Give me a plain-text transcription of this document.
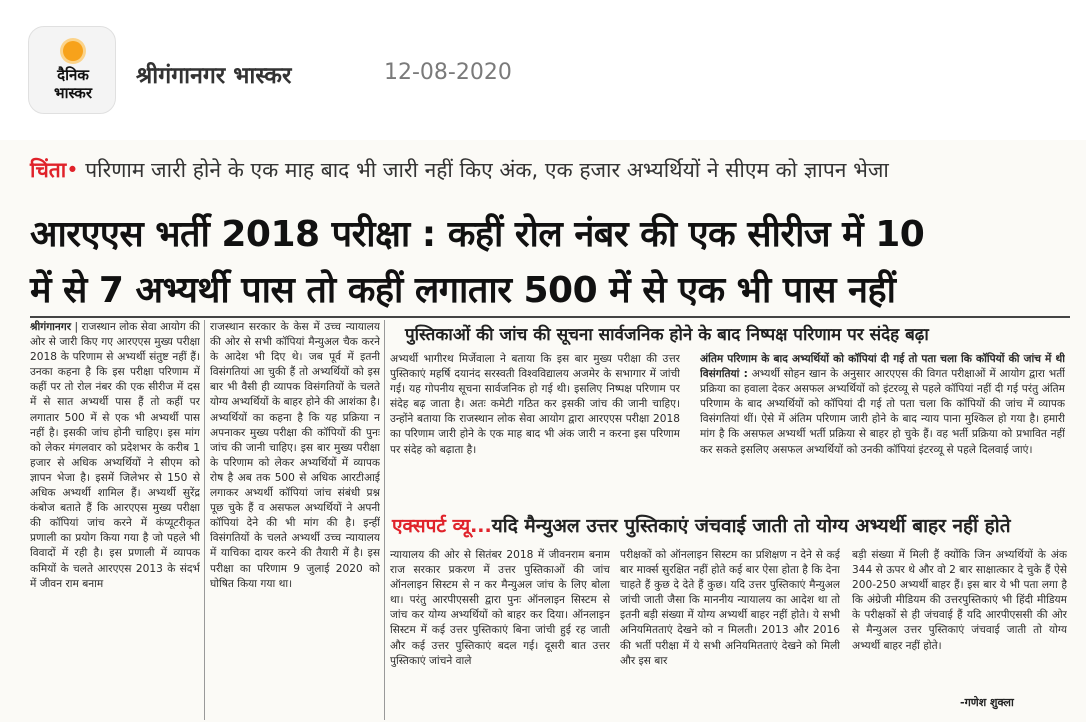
दैनिक
भास्कर
श्रीगंगानगर भास्कर	12-08-2020
चिंता• परिणाम जारी होने के एक माह बाद भी जारी नहीं किए अंक, एक हजार अभ्यर्थियों ने सीएम को ज्ञापन भेजा
आरएएस भर्ती 2018 परीक्षा : कहीं रोल नंबर की एक सीरीज में 10
में से 7 अभ्यर्थी पास तो कहीं लगातार 500 में से एक भी पास नहीं
श्रीगंगानगर | राजस्थान लोक सेवा आयोग की ओर से जारी किए गए आरएएस मुख्य परीक्षा 2018 के परिणाम से अभ्यर्थी संतुष्ट नहीं हैं। उनका कहना है कि इस परीक्षा परिणाम में कहीं पर तो रोल नंबर की एक सीरीज में दस में से सात अभ्यर्थी पास हैं तो कहीं पर लगातार 500 में से एक भी अभ्यर्थी पास नहीं है। इसकी जांच होनी चाहिए। इस मांग को लेकर मंगलवार को प्रदेशभर के करीब 1 हजार से अधिक अभ्यर्थियों ने सीएम को ज्ञापन भेजा है। इसमें जिलेभर से 150 से अधिक अभ्यर्थी शामिल हैं। अभ्यर्थी सुरेंद्र कंबोज बताते हैं कि आरएएस मुख्य परीक्षा की कॉपियां जांच करने में कंप्यूटरीकृत प्रणाली का प्रयोग किया गया है जो पहले भी विवादों में रही है। इस प्रणाली में व्यापक कमियों के चलते आरएएस 2013 के संदर्भ में जीवन राम बनाम
राजस्थान सरकार के केस में उच्च न्यायालय की ओर से सभी कॉपियां मैन्युअल चैक करने के आदेश भी दिए थे। जब पूर्व में इतनी विसंगतियां आ चुकी हैं तो अभ्यर्थियों को इस बार भी वैसी ही व्यापक विसंगतियों के चलते योग्य अभ्यर्थियों के बाहर होने की आशंका है। अभ्यर्थियों का कहना है कि यह प्रक्रिया न अपनाकर मुख्य परीक्षा की कॉपियों की पुनः जांच की जानी चाहिए। इस बार मुख्य परीक्षा के परिणाम को लेकर अभ्यर्थियों में व्यापक रोष है अब तक 500 से अधिक आरटीआई लगाकर अभ्यर्थी कॉपियां जांच संबंधी प्रश्न पूछ चुके हैं व असफल अभ्यर्थियों ने अपनी कॉपियां देने की भी मांग की है। इन्हीं विसंगतियों के चलते अभ्यर्थी उच्च न्यायालय में याचिका दायर करने की तैयारी में है। इस परीक्षा का परिणाम 9 जुलाई 2020 को घोषित किया गया था।
पुस्तिकाओं की जांच की सूचना सार्वजनिक होने के बाद निष्पक्ष परिणाम पर संदेह बढ़ा
अभ्यर्थी भागीरथ मिर्जेवाला ने बताया कि इस बार मुख्य परीक्षा की उत्तर पुस्तिकाएं महर्षि दयानंद सरस्वती विश्वविद्यालय अजमेर के सभागार में जांची गई। यह गोपनीय सूचना सार्वजनिक हो गई थी। इसलिए निष्पक्ष परिणाम पर संदेह बढ़ जाता है। अतः कमेटी गठित कर इसकी जांच की जानी चाहिए। उन्होंने बताया कि राजस्थान लोक सेवा आयोग द्वारा आरएएस परीक्षा 2018 का परिणाम जारी होने के एक माह बाद भी अंक जारी न करना इस परिणाम पर संदेह को बढ़ाता है।
अंतिम परिणाम के बाद अभ्यर्थियों को कॉपियां दी गई तो पता चला कि कॉपियों की जांच में थी विसंगतियां : अभ्यर्थी सोहन खान के अनुसार आरएएस की विगत परीक्षाओं में आयोग द्वारा भर्ती प्रक्रिया का हवाला देकर असफल अभ्यर्थियों को इंटरव्यू से पहले कॉपियां नहीं दी गई परंतु अंतिम परिणाम के बाद अभ्यर्थियों को कॉपियां दी गई तो पता चला कि कॉपियों की जांच में व्यापक विसंगतियां थीं। ऐसे में अंतिम परिणाम जारी होने के बाद न्याय पाना मुश्किल हो गया है। हमारी मांग है कि असफल अभ्यर्थी भर्ती प्रक्रिया से बाहर हो चुके हैं। वह भर्ती प्रक्रिया को प्रभावित नहीं कर सकते इसलिए असफल अभ्यर्थियों को उनकी कॉपियां इंटरव्यू से पहले दिलवाई जाएं।
एक्सपर्ट व्यू...यदि मैन्युअल उत्तर पुस्तिकाएं जंचवाई जाती तो योग्य अभ्यर्थी बाहर नहीं होते
न्यायालय की ओर से सितंबर 2018 में जीवनराम बनाम राज सरकार प्रकरण में उत्तर पुस्तिकाओं की जांच ऑनलाइन सिस्टम से न कर मैन्युअल जांच के लिए बोला था। परंतु आरपीएससी द्वारा पुनः ऑनलाइन सिस्टम से जांच कर योग्य अभ्यर्थियों को बाहर कर दिया। ऑनलाइन सिस्टम में कई उत्तर पुस्तिकाएं बिना जांची हुई रह जाती और कई उत्तर पुस्तिकाएं बदल गई। दूसरी बात उत्तर पुस्तिकाएं जांचने वाले
परीक्षकों को ऑनलाइन सिस्टम का प्रशिक्षण न देने से कई बार मार्क्स सुरक्षित नहीं होते कई बार ऐसा होता है कि देना चाहते हैं कुछ दे देते हैं कुछ। यदि उत्तर पुस्तिकाएं मैन्युअल जांची जाती जैसा कि माननीय न्यायालय का आदेश था तो इतनी बड़ी संख्या में योग्य अभ्यर्थी बाहर नहीं होते। ये सभी अनियमितताएं देखने को न मिलती। 2013 और 2016 की भर्ती परीक्षा में ये सभी अनियमितताएं देखने को मिली और इस बार
बड़ी संख्या में मिली हैं क्योंकि जिन अभ्यर्थियों के अंक 344 से ऊपर थे और वो 2 बार साक्षात्कार दे चुके हैं ऐसे 200-250 अभ्यर्थी बाहर हैं। इस बार ये भी पता लगा है कि अंग्रेजी मीडियम की उत्तरपुस्तिकाएं भी हिंदी मीडियम के परीक्षकों से ही जंचवाई हैं यदि आरपीएससी की ओर से मैन्युअल उत्तर पुस्तिकाएं जंचवाई जाती तो योग्य अभ्यर्थी बाहर नहीं होते।
-गणेश शुक्ला
